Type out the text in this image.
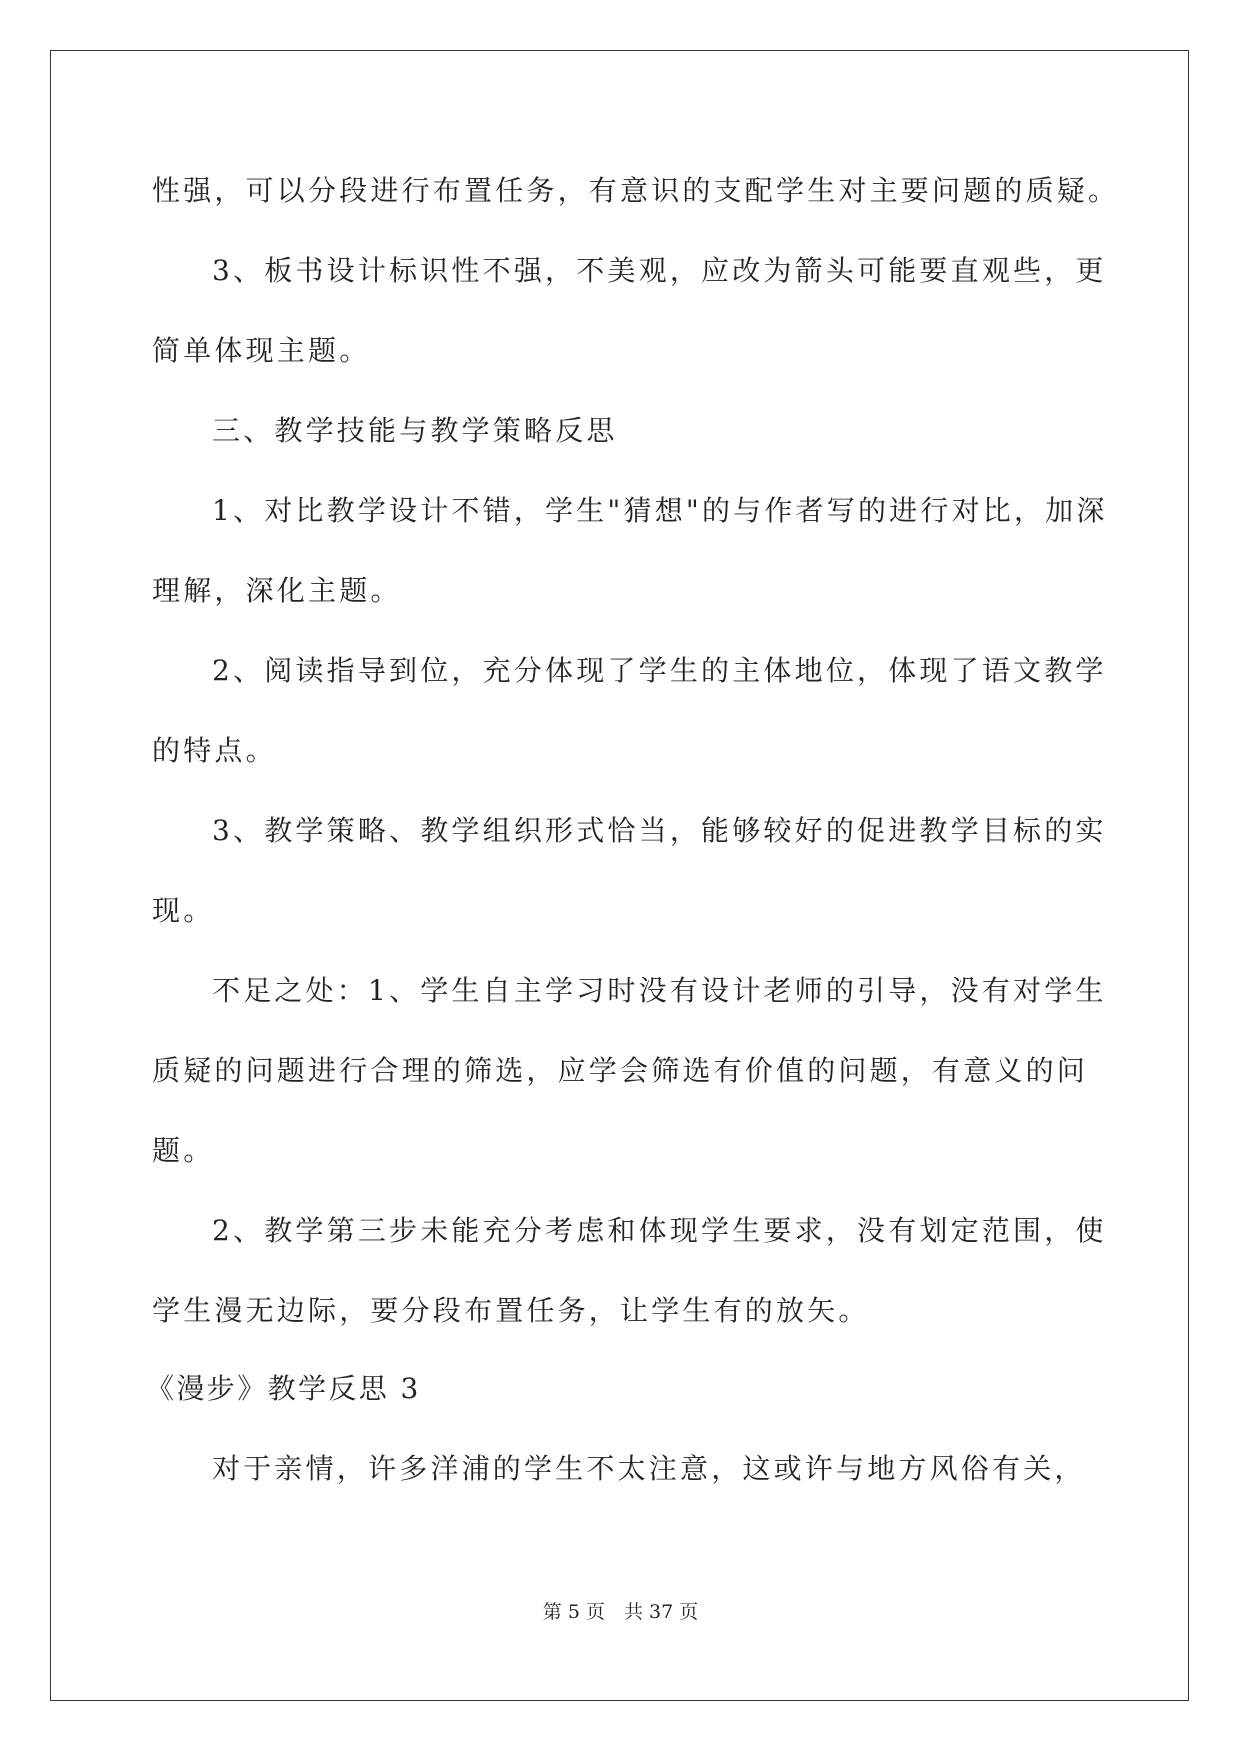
性强，可以分段进行布置任务，有意识的支配学生对主要问题的质疑。
3、板书设计标识性不强，不美观，应改为箭头可能要直观些，更
简单体现主题。
三、教学技能与教学策略反思
1、对比教学设计不错，学生"猜想"的与作者写的进行对比，加深
理解，深化主题。
2、阅读指导到位，充分体现了学生的主体地位，体现了语文教学
的特点。
3、教学策略、教学组织形式恰当，能够较好的促进教学目标的实
现。
不足之处：1、学生自主学习时没有设计老师的引导，没有对学生
质疑的问题进行合理的筛选，应学会筛选有价值的问题，有意义的问
题。
2、教学第三步未能充分考虑和体现学生要求，没有划定范围，使
学生漫无边际，要分段布置任务，让学生有的放矢。
《漫步》教学反思 3
对于亲情，许多洋浦的学生不太注意，这或许与地方风俗有关，
第 5 页　共 37 页
